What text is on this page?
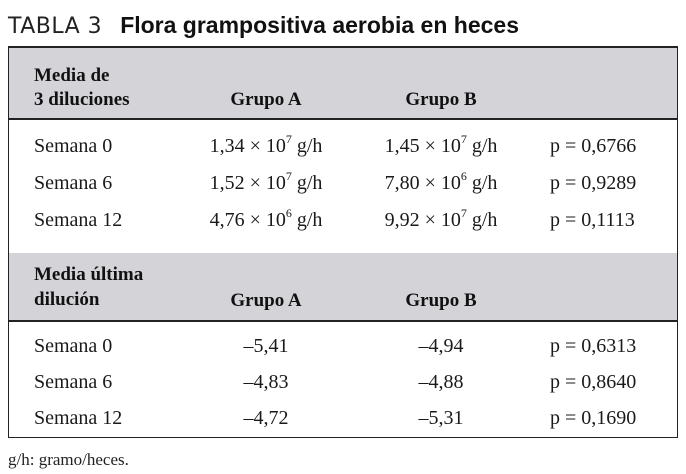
TABLA 3 Flora grampositiva aerobia en heces
Media de
3 diluciones	Grupo A	Grupo B
Semana 0	$1,34 \times 10^7$ g/h	$1,45 \times 10^7$ g/h	p = 0,6766
Semana 6	$1,52 \times 10^7$ g/h	$7,80 \times 10^6$ g/h	p = 0,9289
Semana 12	$4,76 \times 10^6$ g/h	$9,92 \times 10^7$ g/h	p = 0,1113
Media última
dilución	Grupo A	Grupo B
Semana 0	–5,41	–4,94	p = 0,6313
Semana 6	–4,83	–4,88	p = 0,8640
Semana 12	–4,72	–5,31	p = 0,1690
g/h: gramo/heces.
